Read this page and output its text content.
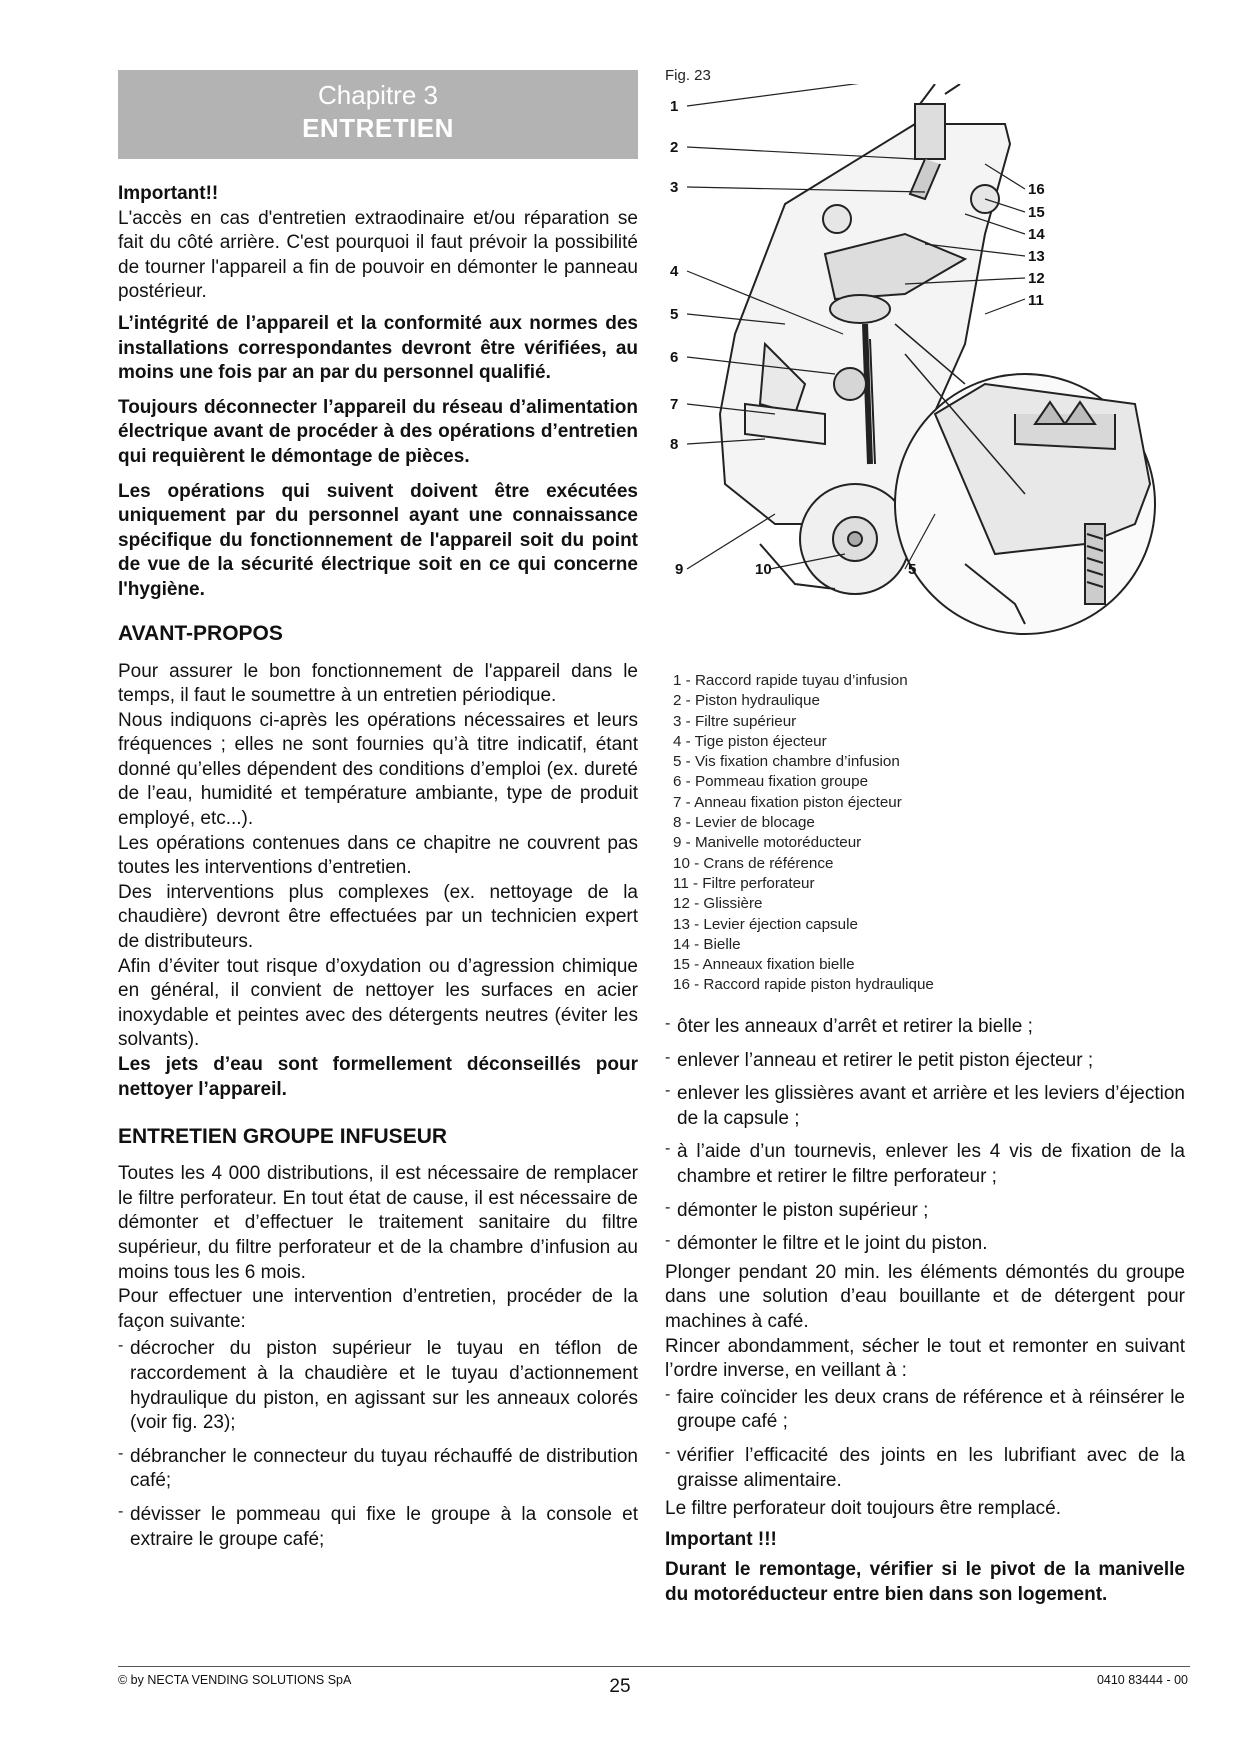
Chapitre 3
ENTRETIEN

Important!!

L'accès en cas d'entretien extraodinaire et/ou réparation se fait du côté arrière. C'est pourquoi il faut prévoir la possibilité de tourner l'appareil a fin de pouvoir en démonter le panneau postérieur.

L’intégrité de l’appareil et la conformité aux normes des installations correspondantes devront être vérifiées, au moins une fois par an par du personnel qualifié.

Toujours déconnecter l’appareil du réseau d’alimentation électrique avant de procéder à des opérations d’entretien qui requièrent le démontage de pièces.

Les opérations qui suivent doivent être exécutées uniquement par du personnel ayant une connaissance spécifique du fonctionnement de l'appareil soit du point de vue de la sécurité électrique soit en ce qui concerne l'hygiène.

AVANT-PROPOS

Pour assurer le bon fonctionnement de l'appareil dans le temps, il faut le soumettre à un entretien périodique.

Nous indiquons ci-après les opérations nécessaires et leurs fréquences ; elles ne sont fournies qu’à titre indicatif, étant donné qu’elles dépendent des conditions d’emploi (ex. dureté de l’eau, humidité et température ambiante, type de produit employé, etc...).

Les opérations contenues dans ce chapitre ne couvrent pas toutes les interventions d’entretien.

Des interventions plus complexes (ex. nettoyage de la chaudière) devront être effectuées par un technicien expert de distributeurs.

Afin d’éviter tout risque d’oxydation ou d’agression chimique en général, il convient de nettoyer les surfaces en acier inoxydable et peintes avec des détergents neutres (éviter les solvants).

Les jets d’eau sont formellement déconseillés pour nettoyer l’appareil.

ENTRETIEN GROUPE INFUSEUR

Toutes les 4 000 distributions, il est nécessaire de remplacer le filtre perforateur. En tout état de cause, il est nécessaire de démonter et d’effectuer le traitement sanitaire du filtre supérieur, du filtre perforateur et de la chambre d’infusion au moins tous les 6 mois.

Pour effectuer une intervention d’entretien, procéder de la façon suivante:

- décrocher du piston supérieur le tuyau en téflon de raccordement à la chaudière et le tuyau d’actionnement hydraulique du piston, en agissant sur les anneaux colorés (voir fig. 23);
- débrancher le connecteur du tuyau réchauffé de distribution café;
- dévisser le pommeau qui fixe le groupe à la console et extraire le groupe café;

Fig. 23

1
2
3
4
5
6
7
8
16
15
14
13
12
11
9	10	5
1 - Raccord rapide tuyau d’infusion
2 - Piston hydraulique
3 - Filtre supérieur
4 - Tige piston éjecteur
5 - Vis fixation chambre d’infusion
6 - Pommeau fixation groupe
7 - Anneau fixation piston éjecteur
8 - Levier de blocage
9 - Manivelle motoréducteur
10 - Crans de référence
11 - Filtre perforateur
12 - Glissière
13 - Levier éjection capsule
14 - Bielle
15 - Anneaux fixation bielle
16 - Raccord rapide piston hydraulique
- ôter les anneaux d’arrêt et retirer la bielle ;
- enlever l’anneau et retirer le petit piston éjecteur ;
- enlever les glissières avant et arrière et les leviers d’éjection de la capsule ;
- à l’aide d’un tournevis, enlever les 4 vis de fixation de la chambre et retirer le filtre perforateur ;
- démonter le piston supérieur ;
- démonter le filtre et le joint du piston.

Plonger pendant 20 min. les éléments démontés du groupe dans une solution d’eau bouillante et de détergent pour machines à café.

Rincer abondamment, sécher le tout et remonter en suivant l’ordre inverse, en veillant à :

- faire coïncider les deux crans de référence et à réinsérer le groupe café ;
- vérifier l’efficacité des joints en les lubrifiant avec de la graisse alimentaire.

Le filtre perforateur doit toujours être remplacé.

Important !!!

Durant le remontage, vérifier si le pivot de la manivelle du motoréducteur entre bien dans son logement.

© by NECTA VENDING SOLUTIONS SpA	25	0410 83444 - 00
